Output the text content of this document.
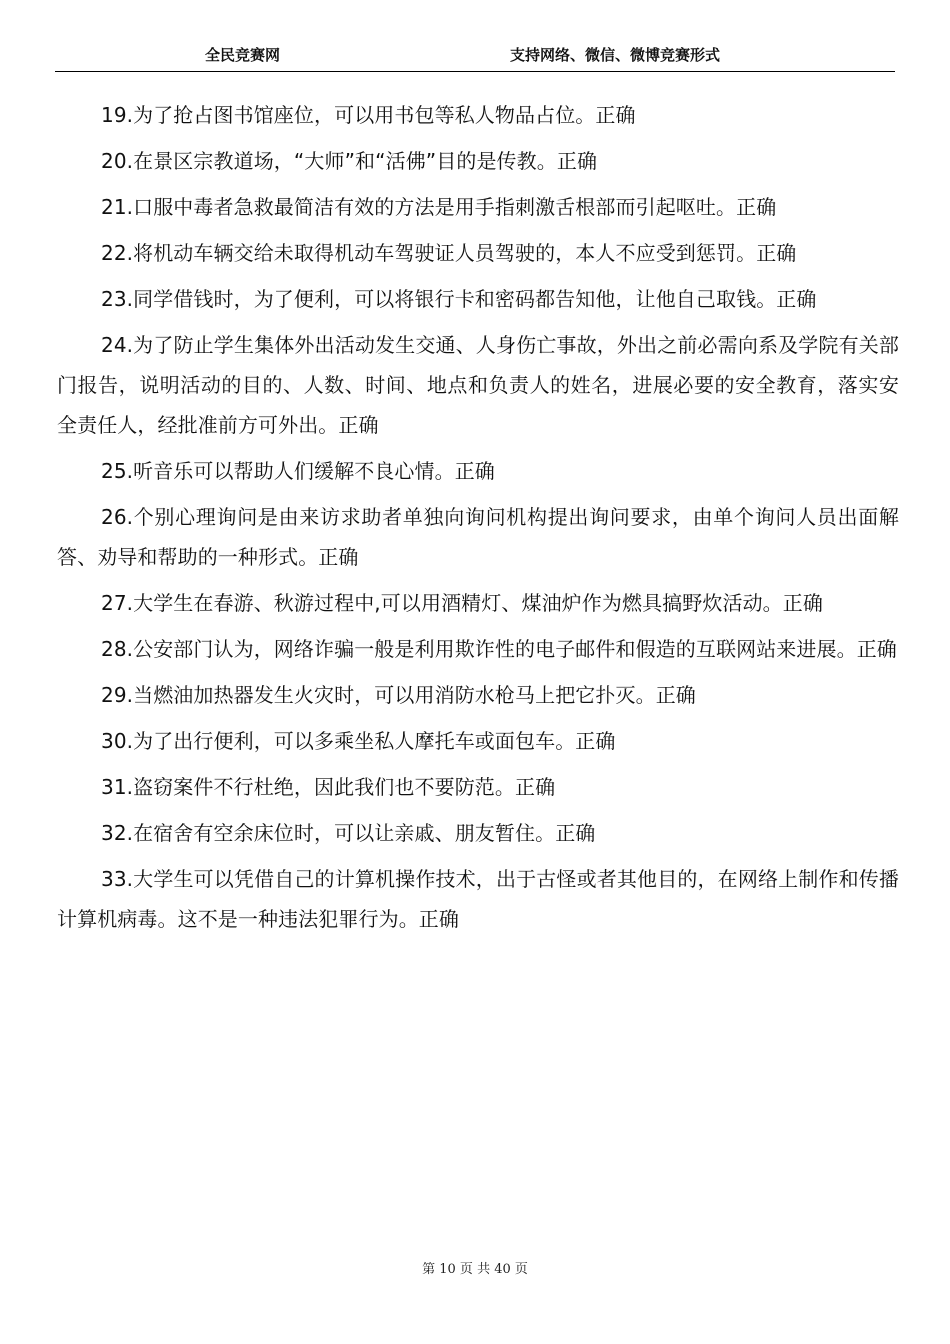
全民竞赛网	支持网络、微信、微博竞赛形式

19.为了抢占图书馆座位，可以用书包等私人物品占位。正确

20.在景区宗教道场，“大师”和“活佛”目的是传教。正确

21.口服中毒者急救最简洁有效的方法是用手指刺激舌根部而引起呕吐。正确

22.将机动车辆交给未取得机动车驾驶证人员驾驶的，本人不应受到惩罚。正确

23.同学借钱时，为了便利，可以将银行卡和密码都告知他，让他自己取钱。正确

24.为了防止学生集体外出活动发生交通、人身伤亡事故，外出之前必需向系及学院有关部门报告，说明活动的目的、人数、时间、地点和负责人的姓名，进展必要的安全教育，落实安全责任人，经批准前方可外出。正确

25.听音乐可以帮助人们缓解不良心情。正确

26.个别心理询问是由来访求助者单独向询问机构提出询问要求，由单个询问人员出面解答、劝导和帮助的一种形式。正确

27.大学生在春游、秋游过程中,可以用酒精灯、煤油炉作为燃具搞野炊活动。正确

28.公安部门认为，网络诈骗一般是利用欺诈性的电子邮件和假造的互联网站来进展。正确

29.当燃油加热器发生火灾时，可以用消防水枪马上把它扑灭。正确

30.为了出行便利，可以多乘坐私人摩托车或面包车。正确

31.盗窃案件不行杜绝，因此我们也不要防范。正确

32.在宿舍有空余床位时，可以让亲戚、朋友暂住。正确

33.大学生可以凭借自己的计算机操作技术，出于古怪或者其他目的，在网络上制作和传播计算机病毒。这不是一种违法犯罪行为。正确

第 10 页 共 40 页
